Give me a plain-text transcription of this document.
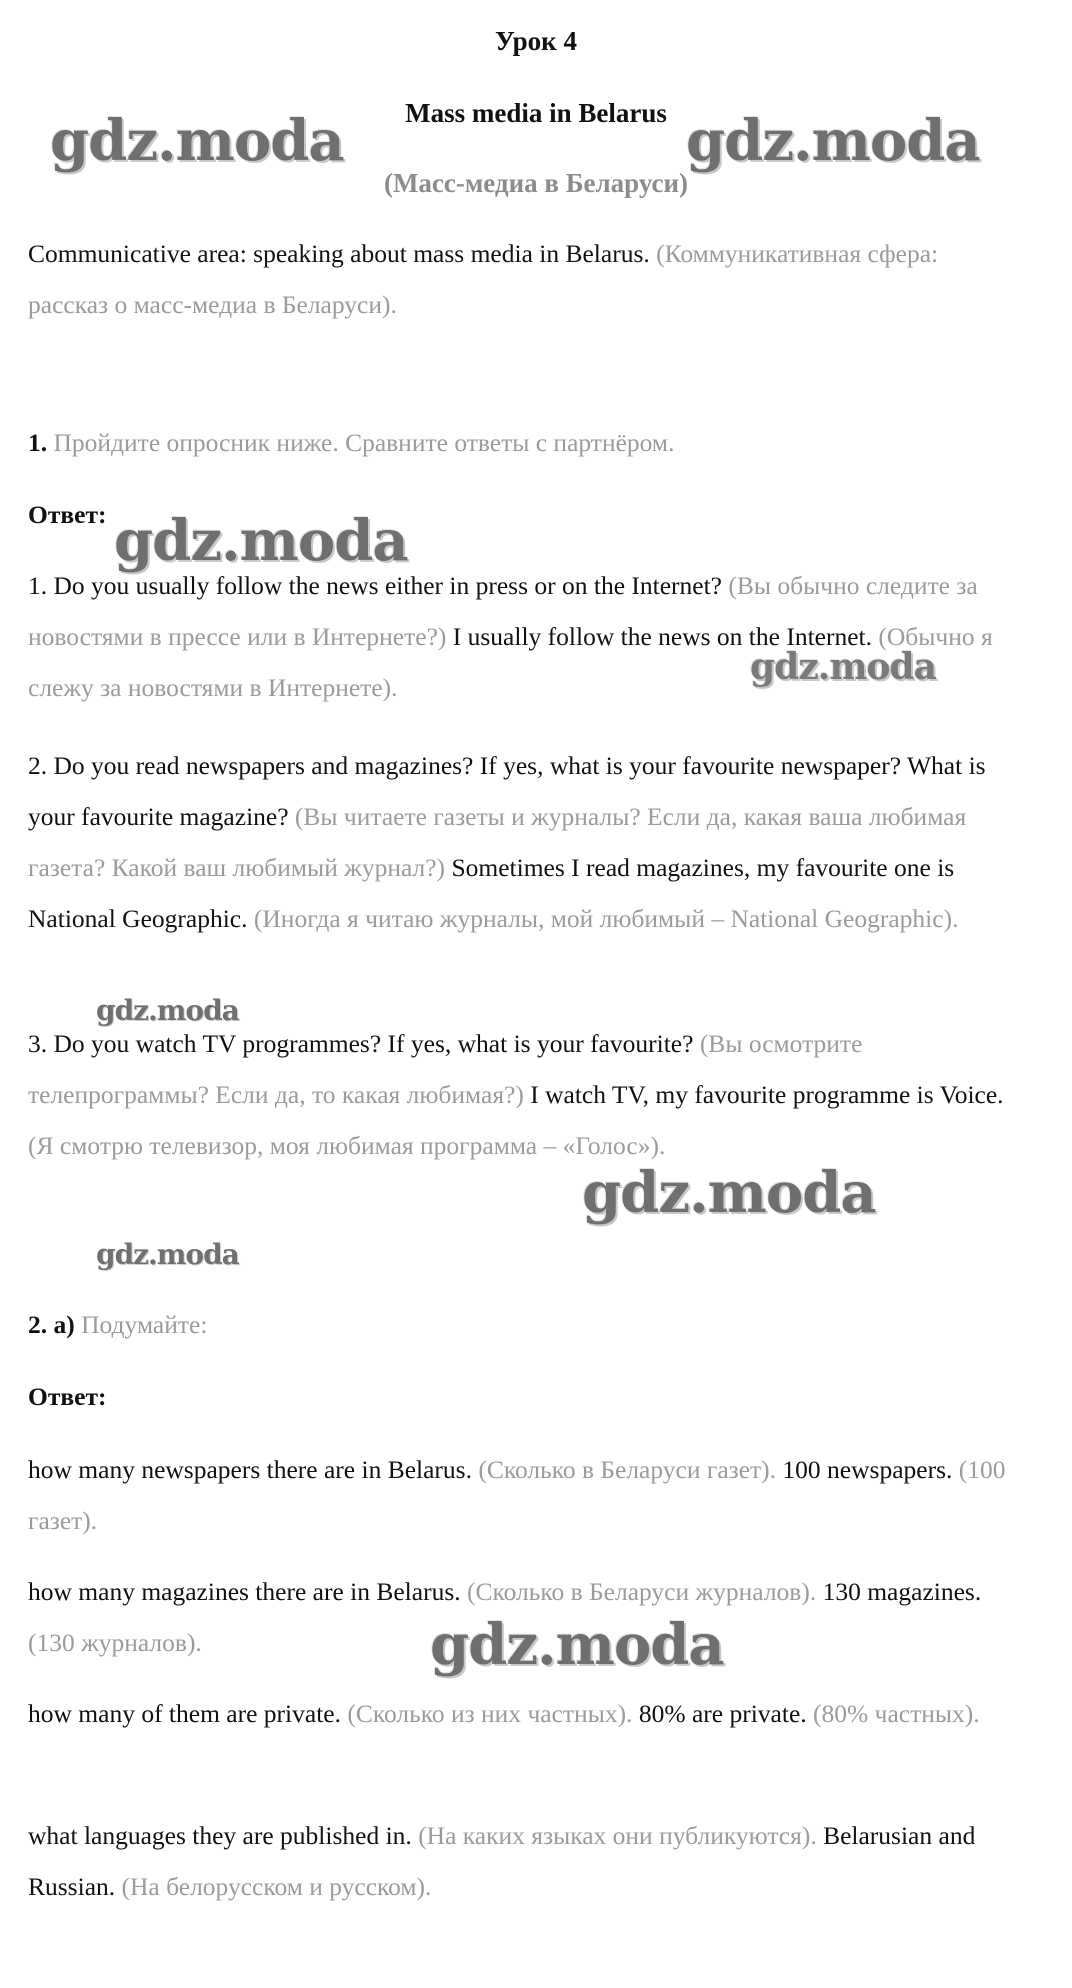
Урок 4
Mass media in Belarus
(Масс-медиа в Беларуси)

Communicative area: speaking about mass media in Belarus. (Коммуникативная сфера: рассказ о масс-медиа в Беларуси).

1. Пройдите опросник ниже. Сравните ответы с партнёром.
Ответ:

1. Do you usually follow the news either in press or on the Internet? (Вы обычно следите за новостями в прессе или в Интернете?) I usually follow the news on the Internet. (Обычно я слежу за новостями в Интернете).

2. Do you read newspapers and magazines? If yes, what is your favourite newspaper? What is your favourite magazine? (Вы читаете газеты и журналы? Если да, какая ваша любимая газета? Какой ваш любимый журнал?) Sometimes I read magazines, my favourite one is National Geographic. (Иногда я читаю журналы, мой любимый – National Geographic).

3. Do you watch TV programmes? If yes, what is your favourite? (Вы осмотрите телепрограммы? Если да, то какая любимая?) I watch TV, my favourite programme is Voice. (Я смотрю телевизор, моя любимая программа – «Голос»).

2. а) Подумайте:
Ответ:

how many newspapers there are in Belarus. (Сколько в Беларуси газет). 100 newspapers. (100 газет).

how many magazines there are in Belarus. (Сколько в Беларуси журналов). 130 magazines. (130 журналов).

how many of them are private. (Сколько из них частных). 80% are private. (80% частных).

what languages they are published in. (На каких языках они публикуются). Belarusian and Russian. (На белорусском и русском).

gdz.moda	gdz.moda
gdz.moda
gdz.moda
gdz.moda
gdz.moda
gdz.moda
gdz.moda
